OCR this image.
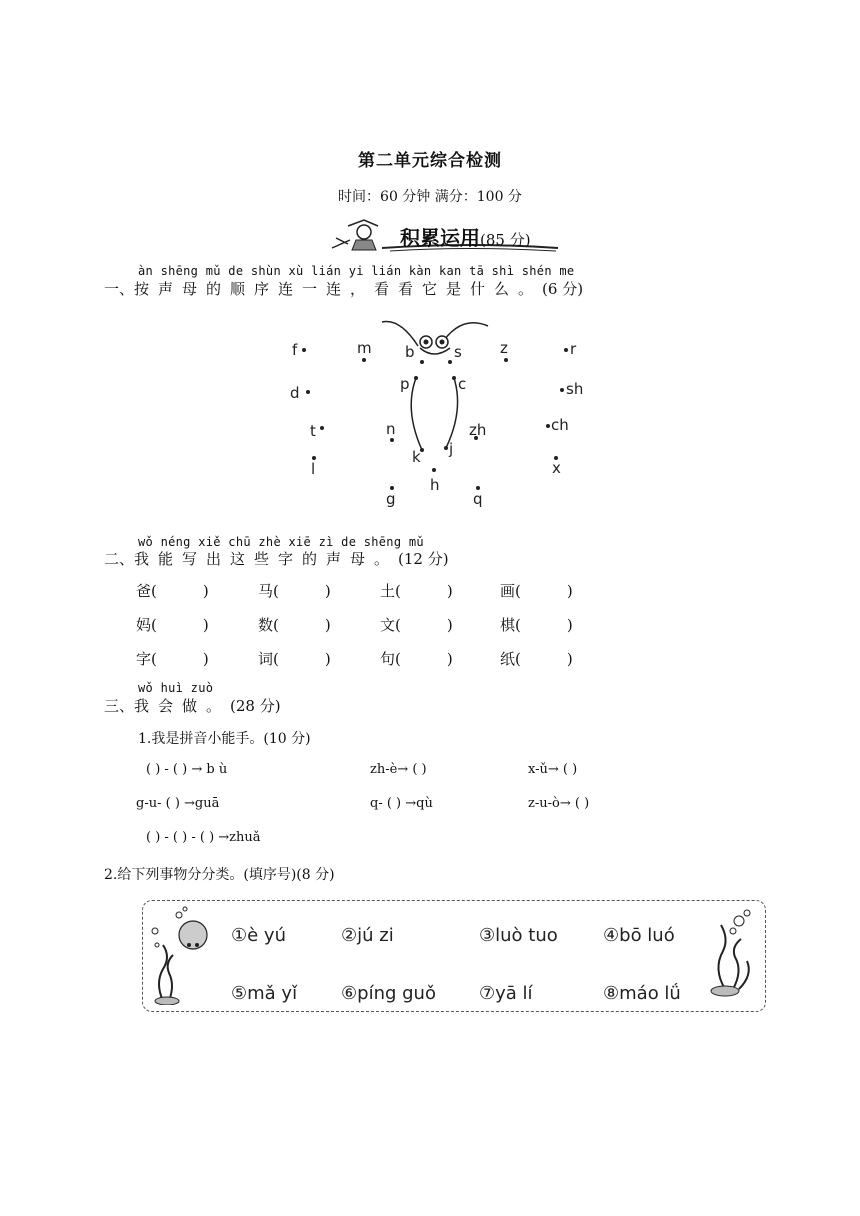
第二单元综合检测
时间：60 分钟 满分：100 分
积累运用(85 分)
àn shēng mǔ de shùn xù lián yi lián kàn kan tā shì shén me
一、按声母的顺序连一连，看看它是什么。(6 分)
f	m b	s	z	r
d	p	c	sh
t	n	zh	ch
k j
l	x
h
g	q
wǒ néng xiě chū zhè xiē zì de shēng mǔ
二、我能写出这些字的声母。(12 分)
爸(	)	马(	)	土(	)	画(	)
妈(	)	数(	)	文(	)	棋(	)
字(	)	词(	)	句(	)	纸(	)
wǒ huì zuò
三、我会做。(28 分)
1.我是拼音小能手。(10 分)
( ) - ( ) → b ù	zh-è→ ( )	x-ǔ→ ( )
g-u- ( ) →guā	q- ( ) →qù	z-u-ò→ ( )
( ) - ( ) - ( ) →zhuǎ
2.给下列事物分分类。(填序号)(8 分)
①è yú	②jú zi	③luò tuo	④bō luó
⑤mǎ yǐ ⑥píng guǒ ⑦yā lí	⑧máo lǘ
